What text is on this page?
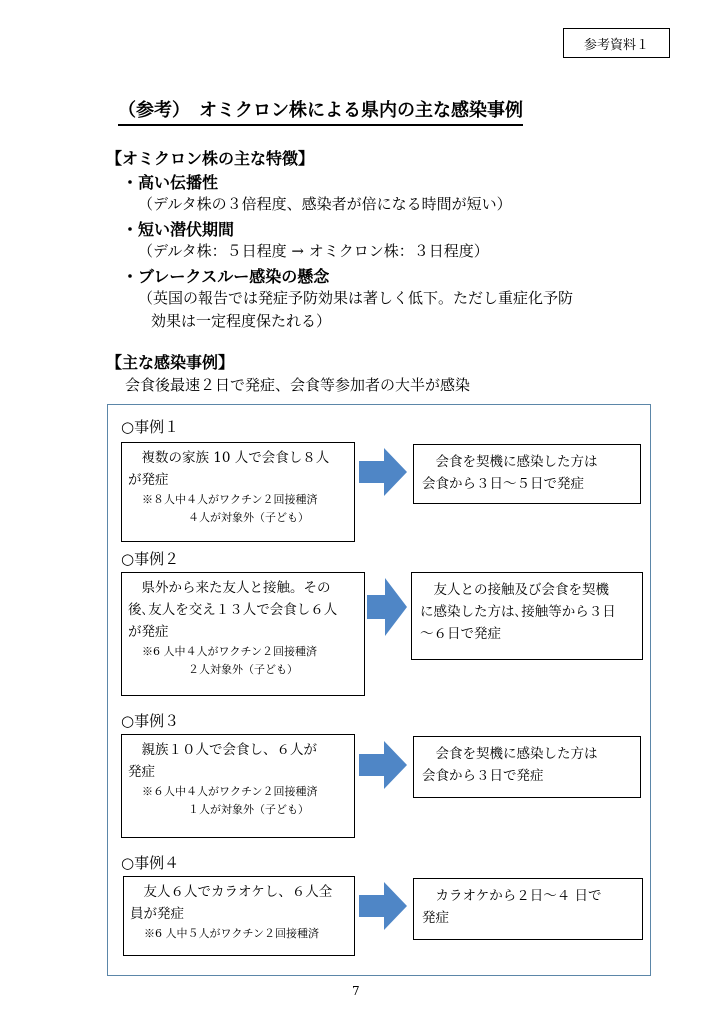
参考資料１
（参考）　オミクロン株による県内の主な感染事例
【オミクロン株の主な特徴】
・高い伝播性
（デルタ株の３倍程度、感染者が倍になる時間が短い）
・短い潜伏期間
（デルタ株：５日程度 → オミクロン株：３日程度）
・ブレークスルー感染の懸念
（英国の報告では発症予防効果は著しく低下。ただし重症化予防
効果は一定程度保たれる）
【主な感染事例】
会食後最速２日で発症、会食等参加者の大半が感染
○事例１
　複数の家族 10 人で会食し８人
が発症
※８人中４人がワクチン２回接種済
４人が対象外（子ども）
　会食を契機に感染した方は
会食から３日～５日で発症
○事例２
　県外から来た友人と接触。その
後､友人を交え１３人で会食し６人
が発症
※6 人中４人がワクチン２回接種済
２人対象外（子ども）
　友人との接触及び会食を契機
に感染した方は､接触等から３日
～６日で発症
○事例３
　親族１０人で会食し、６人が
発症
※６人中４人がワクチン２回接種済
１人が対象外（子ども）
　会食を契機に感染した方は
会食から３日で発症
○事例４
　友人６人でカラオケし、６人全
員が発症
※6 人中５人がワクチン２回接種済
　カラオケから２日～４ 日で
発症
7
